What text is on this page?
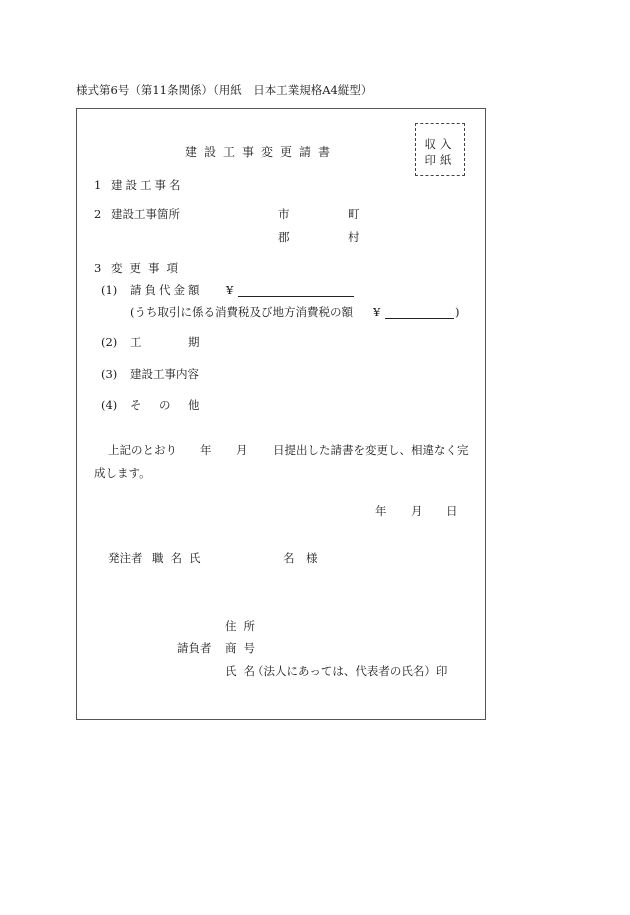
様式第6号（第11条関係）（用紙　日本工業規格A4縦型）
建設工事変更請書
収入
印紙
1 建設工事名
2 建設工事箇所	市	町
郡	村
3 変更事項
(1) 請負代金額 ¥
(うち取引に係る消費税及び地方消費税の額 ¥	)
(2) 工	期
(3) 建設工事内容
(4) そ の 他
上記のとおり 年 月 日提出した請書を変更し、相違なく完
成します。
年 月 日
発注者 職名氏	名 様
住所
請負者 商号
氏名
（法人にあっては、代表者の氏名）印
